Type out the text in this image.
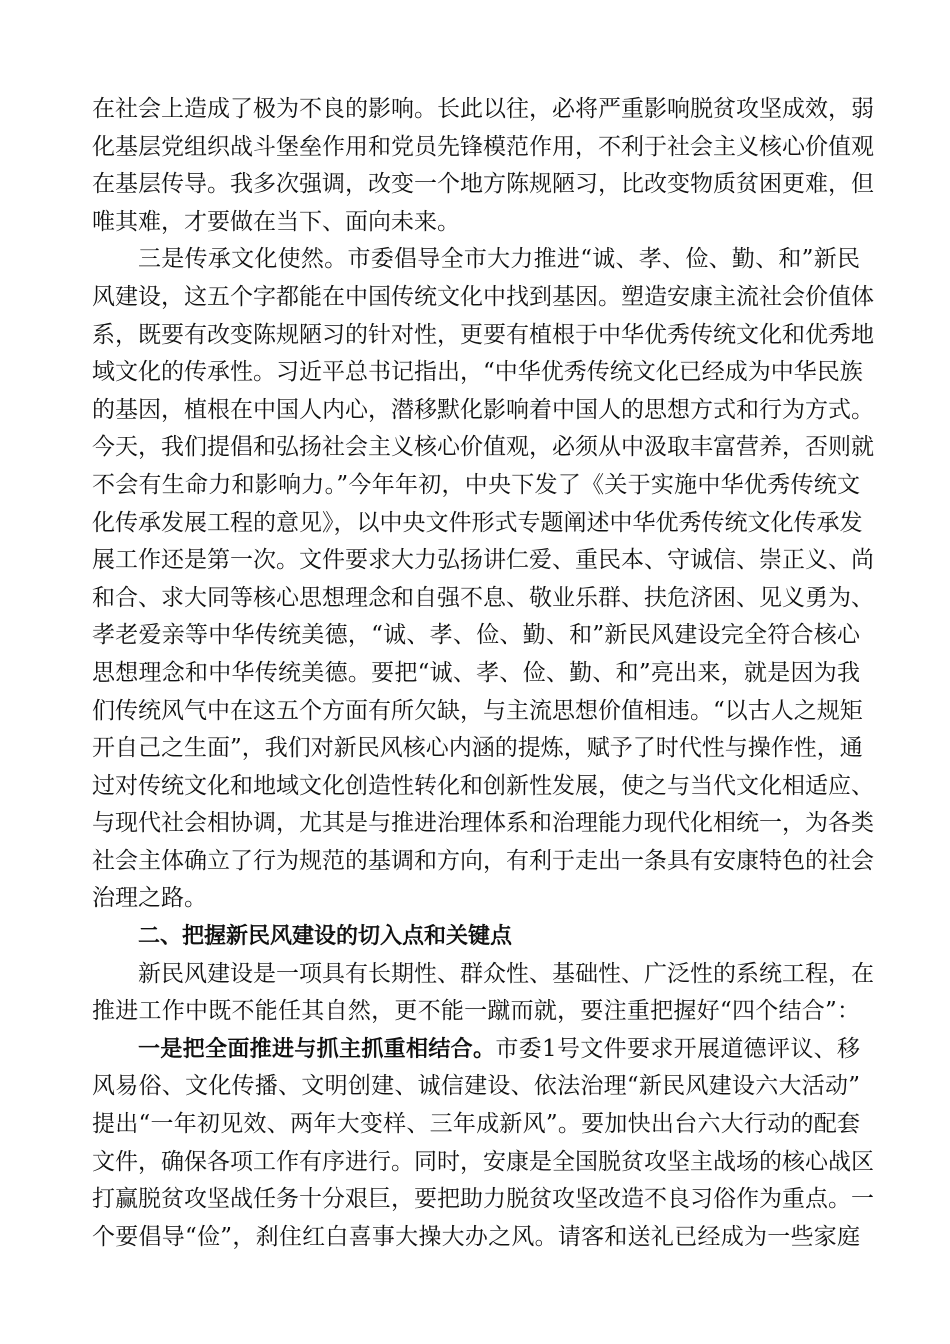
在社会上造成了极为不良的影响。长此以往，必将严重影响脱贫攻坚成效，弱
化基层党组织战斗堡垒作用和党员先锋模范作用，不利于社会主义核心价值观
在基层传导。我多次强调，改变一个地方陈规陋习，比改变物质贫困更难，但
唯其难，才要做在当下、面向未来。
三是传承文化使然。市委倡导全市大力推进“诚、孝、俭、勤、和”新民
风建设，这五个字都能在中国传统文化中找到基因。塑造安康主流社会价值体
系，既要有改变陈规陋习的针对性，更要有植根于中华优秀传统文化和优秀地
域文化的传承性。习近平总书记指出，“中华优秀传统文化已经成为中华民族
的基因，植根在中国人内心，潜移默化影响着中国人的思想方式和行为方式。
今天，我们提倡和弘扬社会主义核心价值观，必须从中汲取丰富营养，否则就
不会有生命力和影响力。”今年年初，中央下发了《关于实施中华优秀传统文
化传承发展工程的意见》，以中央文件形式专题阐述中华优秀传统文化传承发
展工作还是第一次。文件要求大力弘扬讲仁爱、重民本、守诚信、崇正义、尚
和合、求大同等核心思想理念和自强不息、敬业乐群、扶危济困、见义勇为、
孝老爱亲等中华传统美德，“诚、孝、俭、勤、和”新民风建设完全符合核心
思想理念和中华传统美德。要把“诚、孝、俭、勤、和”亮出来，就是因为我
们传统风气中在这五个方面有所欠缺，与主流思想价值相违。“以古人之规矩
开自己之生面”，我们对新民风核心内涵的提炼，赋予了时代性与操作性，通
过对传统文化和地域文化创造性转化和创新性发展，使之与当代文化相适应、
与现代社会相协调，尤其是与推进治理体系和治理能力现代化相统一，为各类
社会主体确立了行为规范的基调和方向，有利于走出一条具有安康特色的社会
治理之路。
二、把握新民风建设的切入点和关键点
新民风建设是一项具有长期性、群众性、基础性、广泛性的系统工程，在
推进工作中既不能任其自然，更不能一蹴而就，要注重把握好“四个结合”：
一是把全面推进与抓主抓重相结合。市委1号文件要求开展道德评议、移
风易俗、文化传播、文明创建、诚信建设、依法治理“新民风建设六大活动”
提出“一年初见效、两年大变样、三年成新风”。要加快出台六大行动的配套
文件，确保各项工作有序进行。同时，安康是全国脱贫攻坚主战场的核心战区
打赢脱贫攻坚战任务十分艰巨，要把助力脱贫攻坚改造不良习俗作为重点。一
个要倡导“俭”，刹住红白喜事大操大办之风。请客和送礼已经成为一些家庭
